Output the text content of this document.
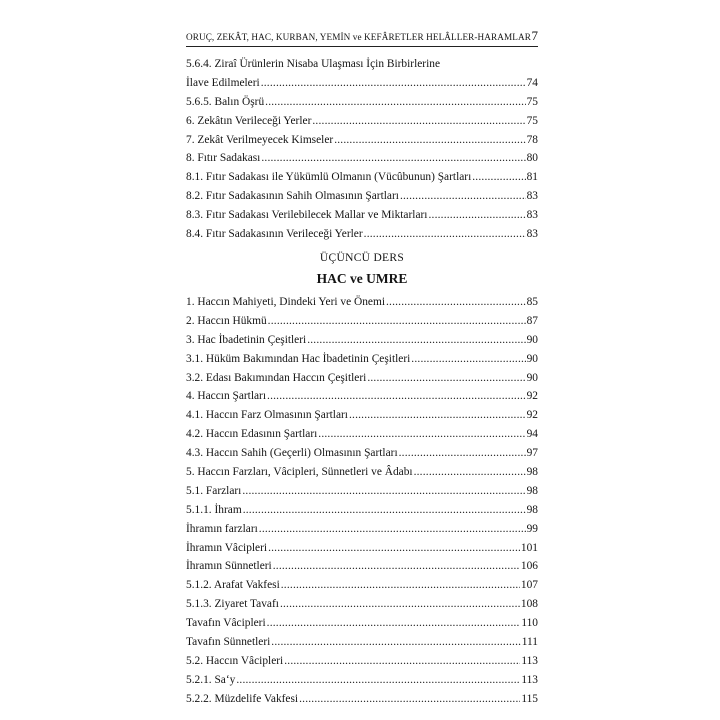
ORUÇ, ZEKÂT, HAC, KURBAN, YEMİN ve KEFÂRETLER HELÂLLER-HARAMLAR 7
5.6.4. Ziraî Ürünlerin Nisaba Ulaşması İçin Birbirlerine
İlave Edilmeleri .....	74
5.6.5. Balın Öşrü .....	75
6. Zekâtın Verileceği Yerler .....	75
7. Zekât Verilmeyecek Kimseler .....	78
8. Fıtır Sadakası .....	80
8.1. Fıtır Sadakası ile Yükümlü Olmanın (Vücûbunun) Şartları .....	81
8.2. Fıtır Sadakasının Sahih Olmasının Şartları .....	83
8.3. Fıtır Sadakası Verilebilecek Mallar ve Miktarları .....	83
8.4. Fıtır Sadakasının Verileceği Yerler .....	83
ÜÇÜNCÜ DERS
HAC ve UMRE
1. Haccın Mahiyeti, Dindeki Yeri ve Önemi .....	85
2. Haccın Hükmü .....	87
3. Hac İbadetinin Çeşitleri .....	90
3.1. Hüküm Bakımından Hac İbadetinin Çeşitleri .....	90
3.2. Edası Bakımından Haccın Çeşitleri .....	90
4. Haccın Şartları .....	92
4.1. Haccın Farz Olmasının Şartları .....	92
4.2. Haccın Edasının Şartları .....	94
4.3. Haccın Sahih (Geçerli) Olmasının Şartları .....	97
5. Haccın Farzları, Vâcipleri, Sünnetleri ve Âdabı .....	98
5.1. Farzları .....	98
5.1.1. İhram .....	98
İhramın farzları .....	99
İhramın Vâcipleri .....	101
İhramın Sünnetleri .....	106
5.1.2. Arafat Vakfesi .....	107
5.1.3. Ziyaret Tavafı .....	108
Tavafın Vâcipleri .....	110
Tavafın Sünnetleri .....	111
5.2. Haccın Vâcipleri .....	113
5.2.1. Sa‘y .....	113
5.2.2. Müzdelife Vakfesi .....	115
